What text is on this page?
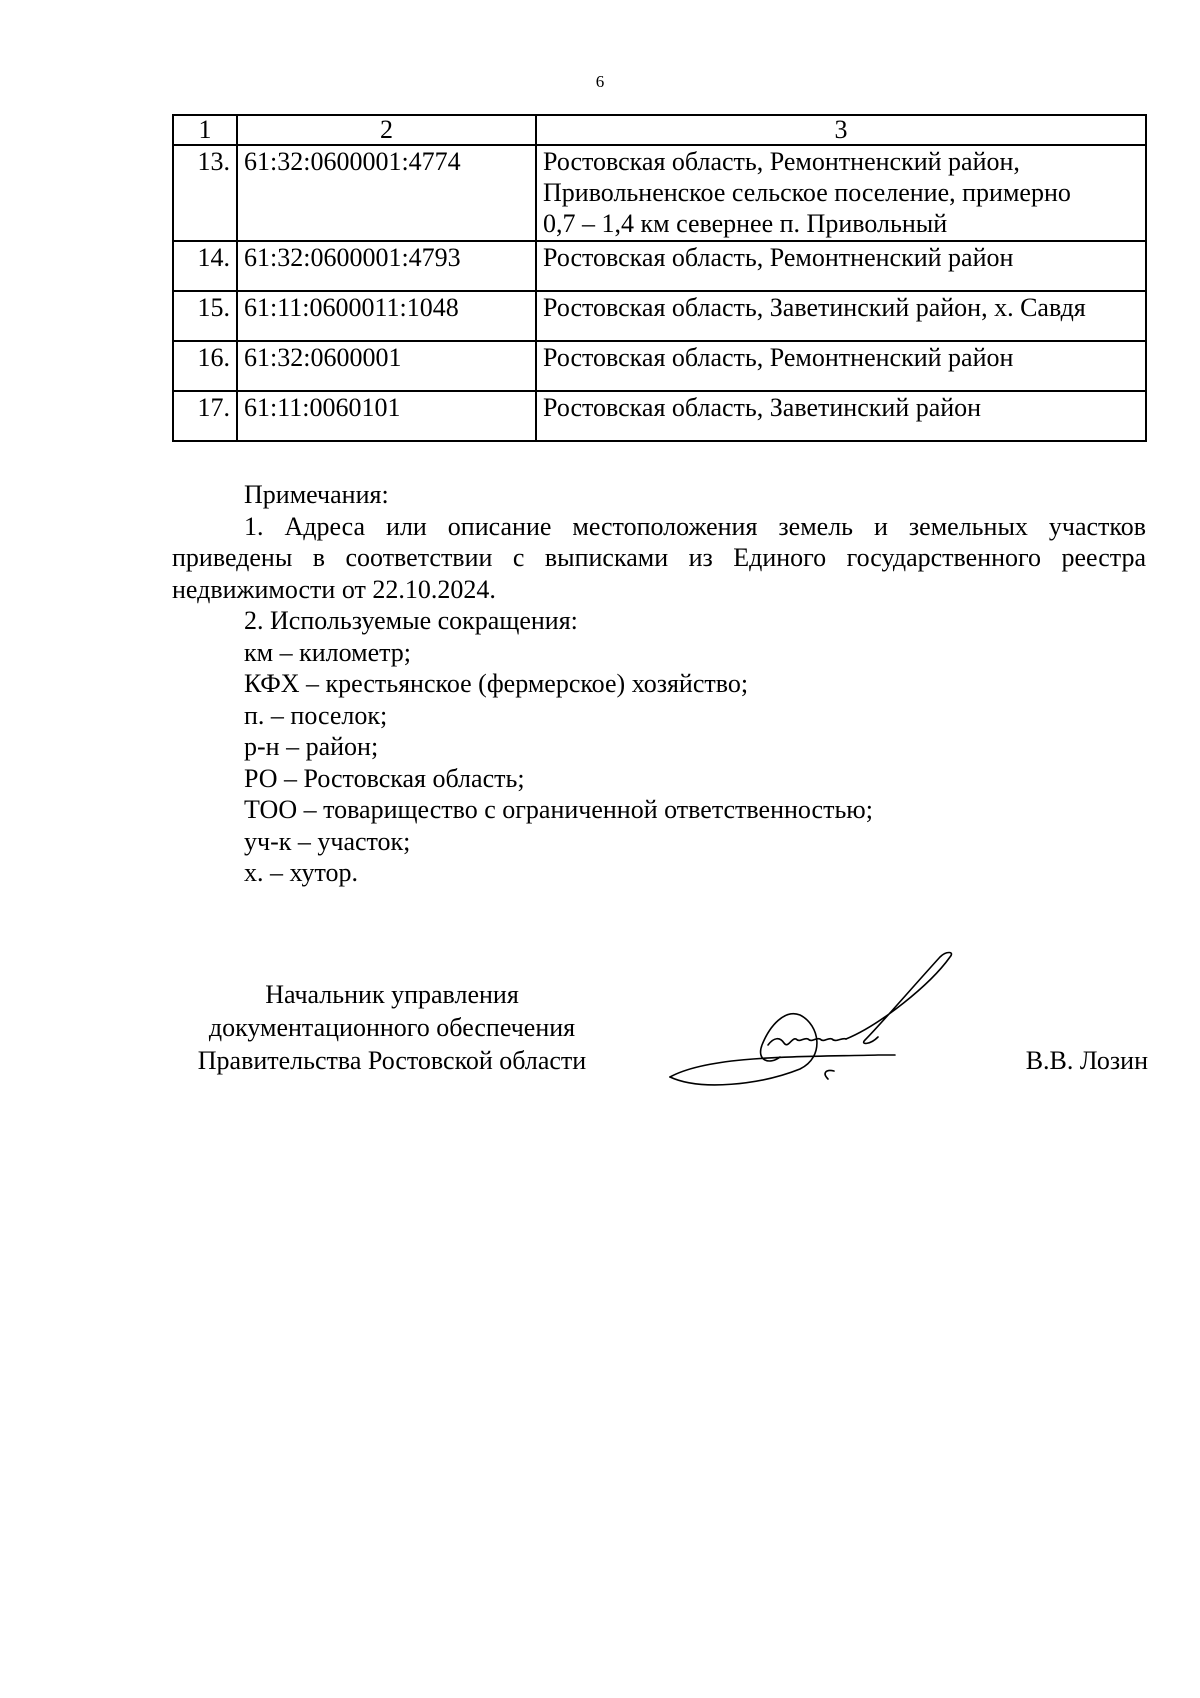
6
1	2	3
13.	61:32:0600001:4774	Ростовская область, Ремонтненский район,
Привольненское сельское поселение, примерно
0,7 – 1,4 км севернее п. Привольный

14.	61:32:0600001:4793	Ростовская область, Ремонтненский район
15.	61:11:0600011:1048	Ростовская область, Заветинский район, х. Савдя
16.	61:32:0600001	Ростовская область, Ремонтненский район
17.	61:11:0060101	Ростовская область, Заветинский район

Примечания:

1. Адреса или описание местоположения земель и земельных участков приведены в соответствии с выписками из Единого государственного реестра недвижимости от 22.10.2024.

2. Используемые сокращения:

км – километр;
КФХ – крестьянское (фермерское) хозяйство;
п. – поселок;
р-н – район;
РО – Ростовская область;
ТОО – товарищество с ограниченной ответственностью;
уч-к – участок;
х. – хутор.
Начальник управления
документационного обеспечения
Правительства Ростовской области	В.В. Лозин
